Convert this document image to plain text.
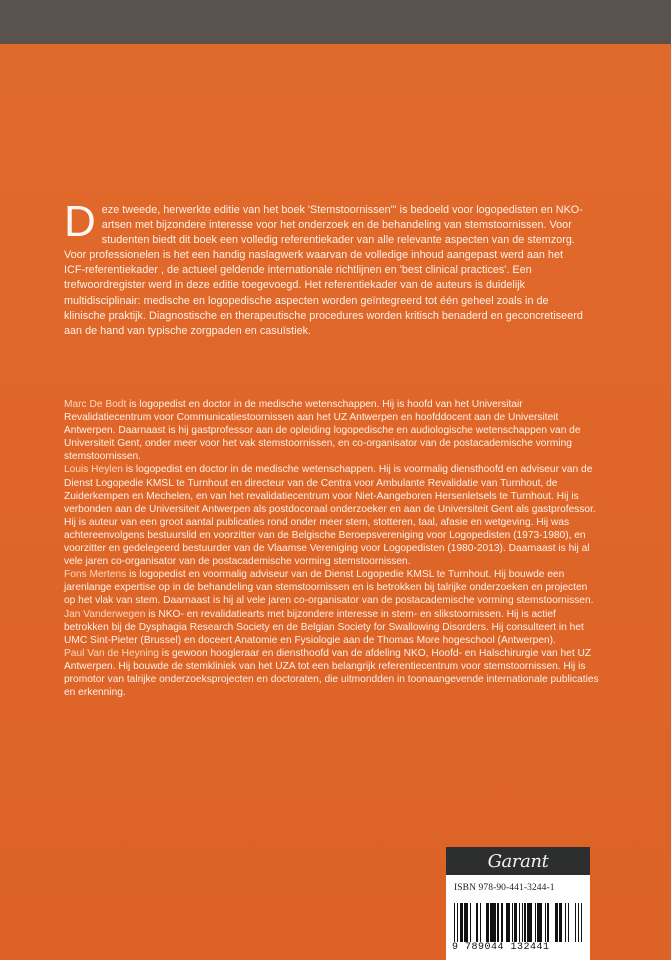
D eze tweede, herwerkte editie van het boek 'Stemstoornissen"' is bedoeld voor logopedisten en NKO-artsen met bijzondere interesse voor het onderzoek en de behandeling van stemstoornissen. Voor studenten biedt dit boek een volledig referentiekader van alle relevante aspecten van de stemzorg. Voor professionelen is het een handig naslagwerk waarvan de volledige inhoud aangepast werd aan het ICF-referentiekader , de actueel geldende internationale richtlijnen en 'best clinical practices'. Een trefwoordregister werd in deze editie toegevoegd. Het referentiekader van de auteurs is duidelijk multidisciplinair: medische en logopedische aspecten worden geïntegreerd tot één geheel zoals in de klinische praktijk. Diagnostische en therapeutische procedures worden kritisch benaderd en geconcretiseerd aan de hand van typische zorgpaden en casuïstiek.

Marc De Bodt is logopedist en doctor in de medische wetenschappen. Hij is hoofd van het Universitair Revalidatiecentrum voor Communicatiestoornissen aan het UZ Antwerpen en hoofddocent aan de Universiteit Antwerpen. Daarnaast is hij gastprofessor aan de opleiding logopedische en audiologische wetenschappen van de Universiteit Gent, onder meer voor het vak stemstoornissen, en co-organisator van de postacademische vorming stemstoornissen.

Louis Heylen is logopedist en doctor in de medische wetenschappen. Hij is voormalig diensthoofd en adviseur van de Dienst Logopedie KMSL te Turnhout en directeur van de Centra voor Ambulante Revalidatie van Turnhout, de Zuiderkempen en Mechelen, en van het revalidatiecentrum voor Niet-Aangeboren Hersenletsels te Turnhout. Hij is verbonden aan de Universiteit Antwerpen als postdocoraal onderzoeker en aan de Universiteit Gent als gastprofessor. Hij is auteur van een groot aantal publicaties rond onder meer stem, stotteren, taal, afasie en wetgeving. Hij was achtereenvolgens bestuurslid en voorzitter van de Belgische Beroepsvereniging voor Logopedisten (1973-1980), en voorzitter en gedelegeerd bestuurder van de Vlaamse Vereniging voor Logopedisten (1980-2013). Daarnaast is hij al vele jaren co-organisator van de postacademische vorming stemstoornissen.

Fons Mertens is logopedist en voormalig adviseur van de Dienst Logopedie KMSL te Turnhout. Hij bouwde een jarenlange expertise op in de behandeling van stemstoornissen en is betrokken bij talrijke onderzoeken en projecten op het vlak van stem. Daarnaast is hij al vele jaren co-organisator van de postacademische vorming stemstoornissen.

Jan Vanderwegen is NKO- en revalidatiearts met bijzondere interesse in stem- en slikstoornissen. Hij is actief betrokken bij de Dysphagia Research Society en de Belgian Society for Swallowing Disorders. Hij consulteert in het UMC Sint-Pieter (Brussel) en doceert Anatomie en Fysiologie aan de Thomas More hogeschool (Antwerpen).

Paul Van de Heyning is gewoon hoogleraar en diensthoofd van de afdeling NKO, Hoofd- en Halschirurgie van het UZ Antwerpen. Hij bouwde de stemkliniek van het UZA tot een belangrijk referentiecentrum voor stemstoornissen. Hij is promotor van talrijke onderzoeksprojecten en doctoraten, die uitmondden in toonaangevende internationale publicaties en erkenning.

Garant
ISBN 978-90-441-3244-1
9 789044 132441
